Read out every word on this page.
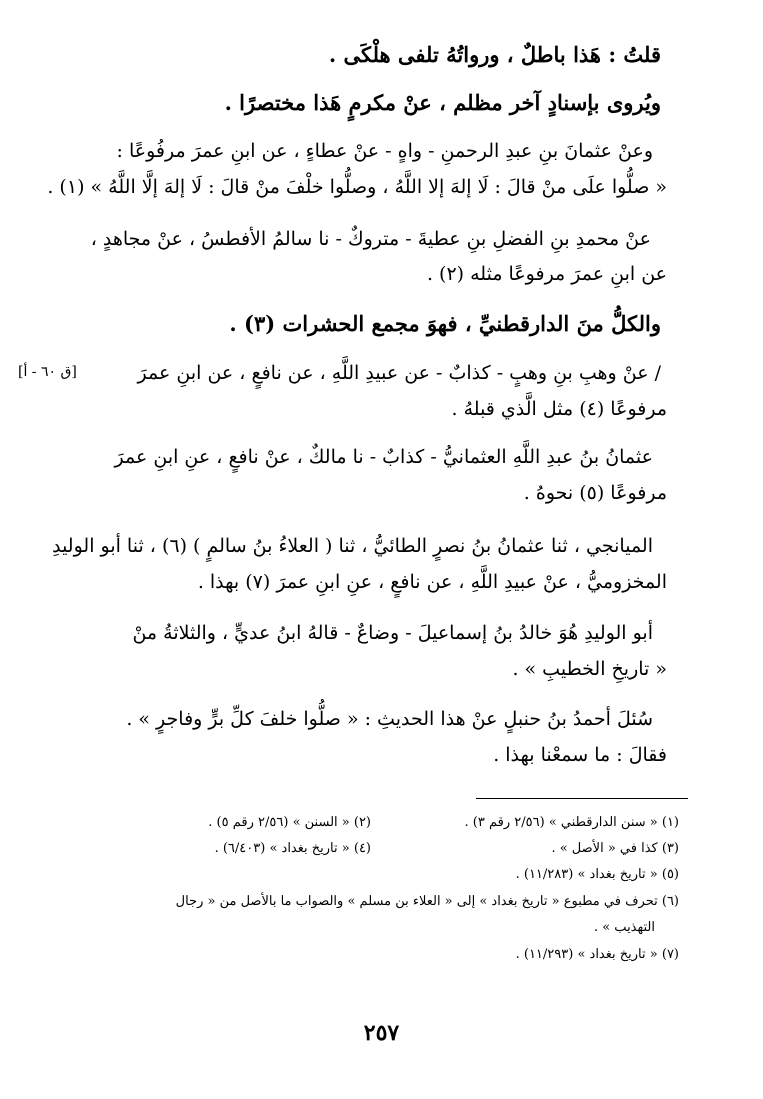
قلتُ : هَذا باطلٌ ، ورواتُهُ تلفى هلْكَى .
ويُروى بإسنادٍ آخر مظلم ، عنْ مكرمٍ هَذا مختصرًا .
وعنْ عثمانَ بنِ عبدِ الرحمنِ - واهٍ - عنْ عطاءٍ ، عن ابنِ عمرَ مرفُوعًا :
« صلُّوا علَى منْ قالَ : لَا إلهَ إلا اللَّهُ ، وصلُّوا خلْفَ منْ قالَ : لَا إلهَ إلَّا اللَّهُ » (١) .
عنْ محمدِ بنِ الفضلِ بنِ عطيةَ - متروكٌ - نا سالمُ الأفطسُ ، عنْ مجاهدٍ ،
عن ابنِ عمرَ مرفوعًا مثله (٢) .
والكلُّ منَ الدارقطنيِّ ، فهوَ مجمع الحشرات (٣) .
/ عنْ وهبِ بنِ وهبٍ - كذابٌ - عن عبيدِ اللَّهِ ، عن نافعٍ ، عن ابنِ عمرَ
[ق ٦٠ - أ]
مرفوعًا (٤) مثل الَّذي قبلهُ .
عثمانُ بنُ عبدِ اللَّهِ العثمانيُّ - كذابٌ - نا مالكٌ ، عنْ نافعٍ ، عنِ ابنِ عمرَ
مرفوعًا (٥) نحوهُ .
الميانجي ، ثنا عثمانُ بنُ نصرٍ الطائيُّ ، ثنا ( العلاءُ بنُ سالمٍ ) (٦) ، ثنا أبو الوليدِ
المخزوميُّ ، عنْ عبيدِ اللَّهِ ، عن نافعٍ ، عنِ ابنِ عمرَ (٧) بهذا .
أبو الوليدِ هُوَ خالدُ بنُ إسماعيلَ - وضاعٌ - قالهُ ابنُ عديٍّ ، والثلاثةُ منْ
« تاريخِ الخطيبِ » .
سُئلَ أحمدُ بنُ حنبلٍ عنْ هذا الحديثِ : « صلُّوا خلفَ كلِّ برٍّ وفاجرٍ » .
فقالَ : ما سمعْنا بهذا .
(١) « سنن الدارقطني » (٢/٥٦ رقم ٣) .
(٢) « السنن » (٢/٥٦ رقم ٥) .
(٣) كذا في « الأصل » .
(٤) « تاريخ بغداد » (٦/٤٠٣) .
(٥) « تاريخ بغداد » (١١/٢٨٣) .
(٦) تحرف في مطبوع « تاريخ بغداد » إلى « العلاء بن مسلم » والصواب ما بالأصل من « رجال
التهذيب » .
(٧) « تاريخ بغداد » (١١/٢٩٣) .
٢٥٧
